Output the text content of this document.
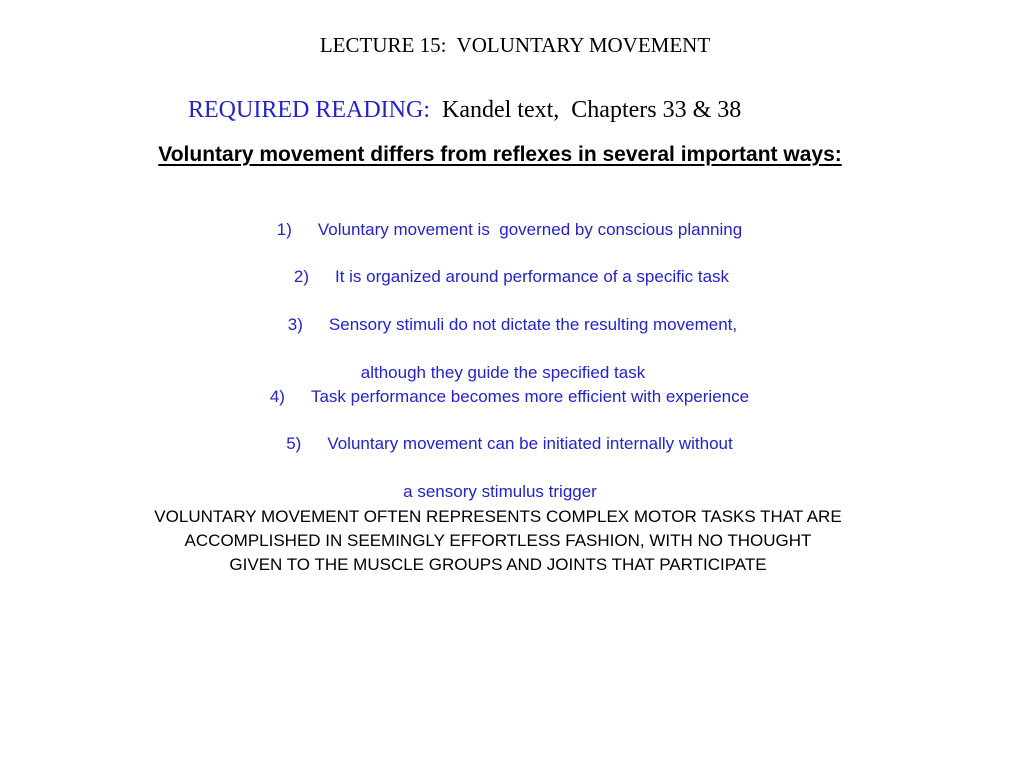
LECTURE 15:  VOLUNTARY MOVEMENT

REQUIRED READING:  Kandel text,  Chapters 33 & 38

Voluntary movement differs from reflexes in several important ways:

1) Voluntary movement is  governed by conscious planning

2) It is organized around performance of a specific task

3) Sensory stimuli do not dictate the resulting movement,

although they guide the specified task

4) Task performance becomes more efficient with experience

5) Voluntary movement can be initiated internally without

a sensory stimulus trigger

VOLUNTARY MOVEMENT OFTEN REPRESENTS COMPLEX MOTOR TASKS THAT ARE
ACCOMPLISHED IN SEEMINGLY EFFORTLESS FASHION, WITH NO THOUGHT
GIVEN TO THE MUSCLE GROUPS AND JOINTS THAT PARTICIPATE
